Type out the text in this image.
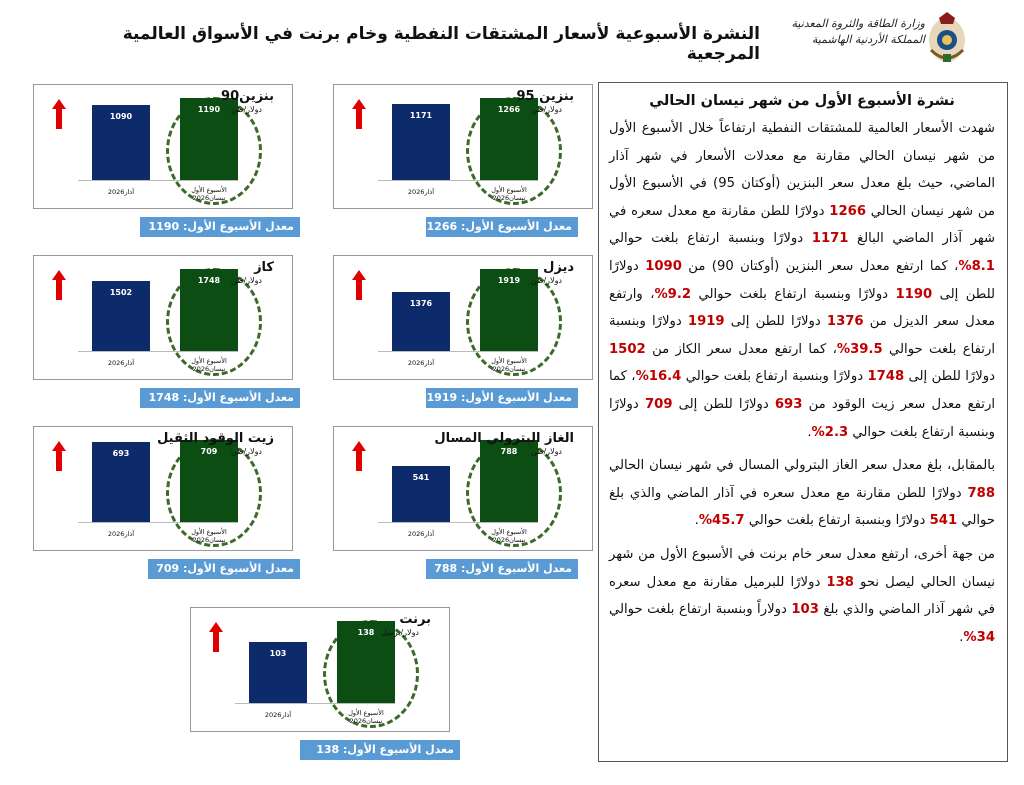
النشرة الأسبوعية لأسعار المشتقات النفطية وخام برنت في الأسواق العالمية المرجعية
وزارة الطاقة والثروة المعدنية
المملكة الأردنية الهاشمية
نشرة الأسبوع الأول من شهر نيسان الحالي

شهدت الأسعار العالمية للمشتقات النفطية ارتفاعاً خلال الأسبوع الأول من شهر نيسان الحالي مقارنة مع معدلات الأسعار في شهر آذار الماضي، حيث بلغ معدل سعر البنزين (أوكتان 95) في الأسبوع الأول من شهر نيسان الحالي 1266 دولارًا للطن مقارنة مع معدل سعره في شهر آذار الماضي البالغ 1171 دولارًا وبنسبة ارتفاع بلغت حوالي 8.1%، كما ارتفع معدل سعر البنزين (أوكتان 90) من 1090 دولارًا للطن إلى 1190 دولارًا وبنسبة ارتفاع بلغت حوالي 9.2%، وارتفع معدل سعر الديزل من 1376 دولارًا للطن إلى 1919 دولارًا وبنسبة ارتفاع بلغت حوالي 39.5%، كما ارتفع معدل سعر الكاز من 1502 دولارًا للطن إلى 1748 دولارًا وبنسبة ارتفاع بلغت حوالي 16.4%، كما ارتفع معدل سعر زيت الوقود من 693 دولارًا للطن إلى 709 دولارًا وبنسبة ارتفاع بلغت حوالي 2.3%.

بالمقابل، بلغ معدل سعر الغاز البترولي المسال في شهر نيسان الحالي 788 دولارًا للطن مقارنة مع معدل سعره في آذار الماضي والذي بلغ حوالي 541 دولارًا وبنسبة ارتفاع بلغت حوالي 45.7%.

من جهة أخرى، ارتفع معدل سعر خام برنت في الأسبوع الأول من شهر نيسان الحالي ليصل نحو 138 دولارًا للبرميل مقارنة مع معدل سعره في شهر آذار الماضي والذي بلغ 103 دولاراً وبنسبة ارتفاع بلغت حوالي 34%.

1171
1266
بنزين 95
دولار/طن
آذار2026	الأسبوع الأول نيسان2026
معدل الأسبوع الأول: 1266
1090
1190
بنزين90
دولار/طن
آذار2026	الأسبوع الأول نيسان2026
معدل الأسبوع الأول: 1190
1376
1919
ديزل
دولار/طن
آذار2026	الأسبوع الأول نيسان2026
معدل الأسبوع الأول: 1919
1502
1748
كاز
دولار/طن
آذار2026	الأسبوع الأول نيسان2026
معدل الأسبوع الأول: 1748
541
788
الغاز البترولي المسال
دولار/طن
آذار2026	الأسبوع الأول نيسان2026
معدل الأسبوع الأول: 788
693	709
زيت الوقود الثقيل
دولار/طن
آذار2026	الأسبوع الأول نيسان2026
معدل الأسبوع الأول: 709
103
138
برنت
دولار/برميل
آذار2026	الأسبوع الأول نيسان2026
معدل الأسبوع الأول: 138
